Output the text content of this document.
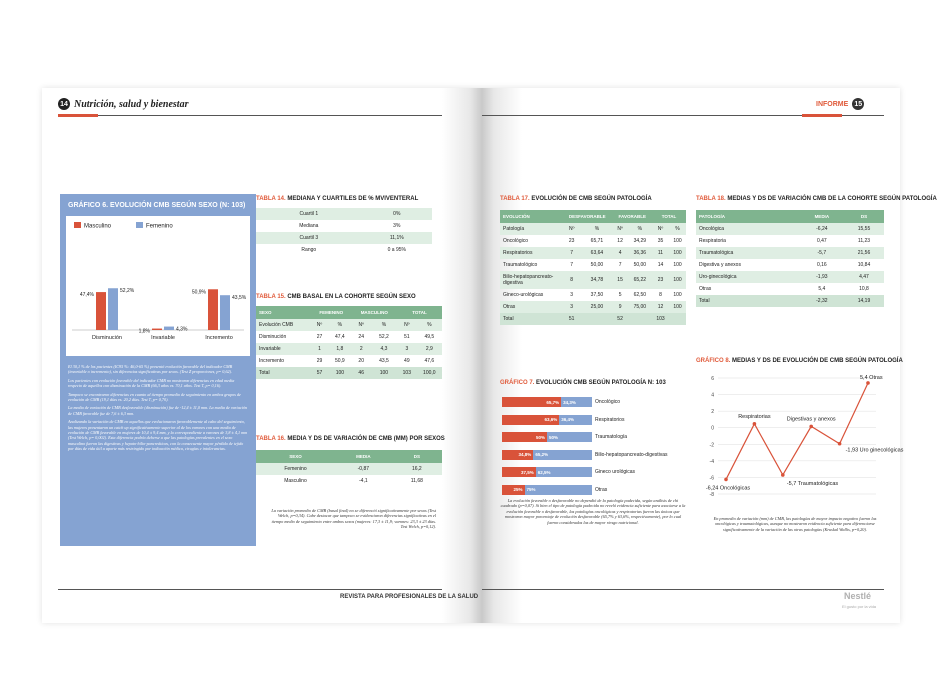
14 Nutrición, salud y bienestar	INFORME 15
GRÁFICO 6. EVOLUCIÓN CMB SEGÚN SEXO (N: 103)
Masculino	Femenino
47,4%
52,2%
Disminución
1,8%	4,3%
Invariable
50,9%
43,5%
Incremento

El 30,1 % de los pacientes (IC95 %: 46,0-65 %) presentó evolución favorable del indicador CMB (invariable o incremento), sin diferencias significativas por sexos. (Test Z proporciones, p= 0,62).

Los pacientes con evolución favorable del indicador CMB no mostraron diferencias en edad media respecto de aquellos con disminución de la CMB (66,3 años vs. 70,1 años. Test T, p= 0,16).

Tampoco se encontraron diferencias en cuanto al tiempo promedio de seguimiento en ambos grupos de evolución de CMB (19,1 días vs. 20,2 días. Test T, p= 0,70).

La media de variación de CMB desfavorable (disminución) fue de -12,4 ± 11,0 mm. La media de variación de CMB favorable fue de 7,6 ± 6,3 mm.

Analizando la variación de CMB en aquellos que evolucionaron favorablemente al cabo del seguimiento, las mujeres presentaron un catch up significativamente superior al de los varones con una media de evolución de CMB favorable en mujeres de 10,4 ± 9,4 mm, y la correspondiente a varones de 3,8 ± 4,1 mm (Test Welch, p= 0,002). Esta diferencia podría deberse a que las patologías prevalentes en el sexo masculino fueron las digestivas y hepato-bilio-pancreáticas, con la consecuente mayor pérdida de tejido por días de vida útil a aporte más restringido por indicación médica, cirugías e intolerancias.

TABLA 14. MEDIANA Y CUARTILES DE % MVIVENTERAL
Cuartil 1	0%
Mediana	3%
Cuartil 3	11,1%
Rango	0 a 95%
TABLA 15. CMB BASAL EN LA COHORTE SEGÚN SEXO
SEXO	FEMENINO		MASCULINO		TOTAL	
Evolución CMB	Nº	%	Nº	%	Nº	%
Disminución	27	47,4	24	52,2	51	49,5
Invariable	1	1,8	2	4,3	3	2,9
Incremento	29	50,9	20	43,5	49	47,6
Total	57	100	46	100	103	100,0
TABLA 16. MEDIA Y DS DE VARIACIÓN DE CMB (MM) POR SEXOS
SEXO	MEDIA	DS
Femenino	-0,87	16,2
Masculino	-4,1	11,68
La variación promedio de CMB (basal final) no se diferenció significativamente por sexos (Test Welch, p=0,34). Cabe destacar que tampoco se evidenciaron diferencias significativas en el tiempo medio de seguimiento entre ambos sexos (mujeres: 17,3 ± 11,9; varones: 23,3 ± 23 días. Test Welch, p=0,12).
TABLA 17. EVOLUCIÓN DE CMB SEGÚN PATOLOGÍA
EVOLUCIÓN	DESFAVORABLE		FAVORABLE		TOTAL	
Patología	Nº	%	Nº	%	Nº	%
Oncológico	23	65,71	12	34,29	35	100
Respiratorios	7	63,64	4	36,36	11	100
Traumatológico	7	50,00	7	50,00	14	100
Bilio-hepatopancreato-digestiva	8	34,78	15	65,22	23	100
Gineco-urológicas	3	37,50	5	62,50	8	100
Otras	3	25,00	9	75,00	12	100
Total	51		52		103	
GRÁFICO 7. EVOLUCIÓN CMB SEGÚN PATOLOGÍA N: 103
65,7% 34,3%	Oncológico
63,6% 36,4%	Respiratorios
50% 50%	Traumatología
34,8% 65,2%	Bilio-hepatopancreato-digestivas
37,5% 62,5%	Gineco urológicas
25% 75%	Otras
La evolución favorable o desfavorable no dependió de la patología padecida, según análisis de chi cuadrado (p=0,07). Si bien el tipo de patología padecida no reveló evidencia suficiente para asociarse a la evolución favorable o desfavorable, las patologías oncológicas y respiratorias fueron las únicas que mostraron mayor porcentaje de evolución desfavorable (65,7% y 63,6%, respectivamente), por lo cual fueron consideradas las de mayor riesgo nutricional.
TABLA 18. MEDIAS Y DS DE VARIACIÓN CMB DE LA COHORTE SEGÚN PATOLOGÍA
PATOLOGÍA	MEDIA	DS
Oncológica	-6,24	15,55
Respiratoria	0,47	11,23
Traumatológica	-5,7	21,56
Digestiva y anexos	0,16	10,84
Uro-ginecológica	-1,93	4,47
Otras	5,4	10,8
Total	-2,32	14,19
GRÁFICO 8. MEDIAS Y DS DE EVOLUCIÓN DE CMB SEGÚN PATOLOGÍA
6
4
2
0
-2
-4
-6
-8
-6,24 Oncológicas
Respiratorias
-5,7 Traumatológicas
Digestivas y anexos
-1,93 Uro ginecológicas
5,4 Otras
En promedio de variación (mm) de CMB, las patologías de mayor impacto negativo fueron las oncológicas y traumatológicas, aunque no mostraron evidencia suficiente para diferenciarse significativamente de la variación de las otras patologías (Kruskal Wallis, p=0,20).
REVISTA PARA PROFESIONALES DE LA SALUD	Nestlé
El gusto por la vida
